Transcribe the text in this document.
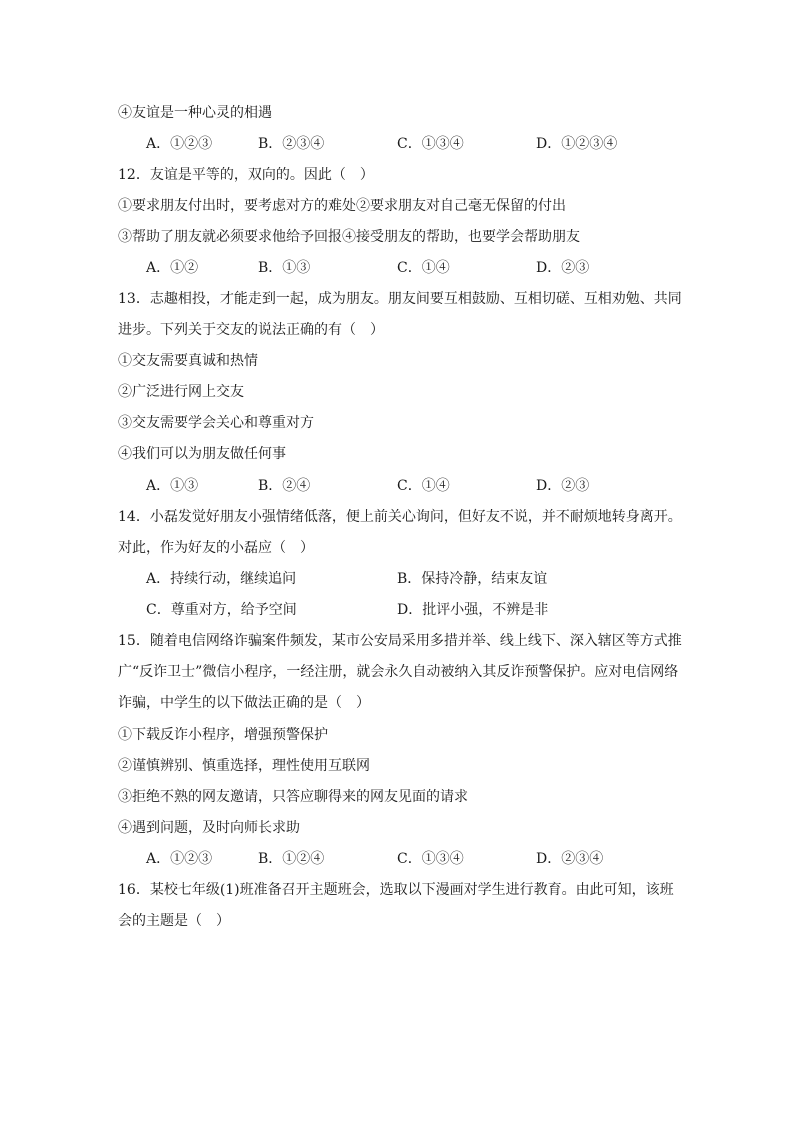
④友谊是一种心灵的相遇
A．①②③	B．②③④	C．①③④	D．①②③④
12．友谊是平等的，双向的。因此（　）
①要求朋友付出时，要考虑对方的难处②要求朋友对自己毫无保留的付出
③帮助了朋友就必须要求他给予回报④接受朋友的帮助，也要学会帮助朋友
A．①②	B．①③	C．①④	D．②③
13．志趣相投，才能走到一起，成为朋友。朋友间要互相鼓励、互相切磋、互相劝勉、共同
进步。下列关于交友的说法正确的有（　）
①交友需要真诚和热情
②广泛进行网上交友
③交友需要学会关心和尊重对方
④我们可以为朋友做任何事
A．①③	B．②④	C．①④	D．②③
14．小磊发觉好朋友小强情绪低落，便上前关心询问，但好友不说，并不耐烦地转身离开。
对此，作为好友的小磊应（　）
A．持续行动，继续追问	B．保持冷静，结束友谊
C．尊重对方，给予空间	D．批评小强，不辨是非
15．随着电信网络诈骗案件频发，某市公安局采用多措并举、线上线下、深入辖区等方式推
广“反诈卫士”微信小程序，一经注册，就会永久自动被纳入其反诈预警保护。应对电信网络
诈骗，中学生的以下做法正确的是（　）
①下载反诈小程序，增强预警保护
②谨慎辨别、慎重选择，理性使用互联网
③拒绝不熟的网友邀请，只答应聊得来的网友见面的请求
④遇到问题，及时向师长求助
A．①②③	B．①②④	C．①③④	D．②③④
16．某校七年级(1)班准备召开主题班会，选取以下漫画对学生进行教育。由此可知，该班
会的主题是（　）
